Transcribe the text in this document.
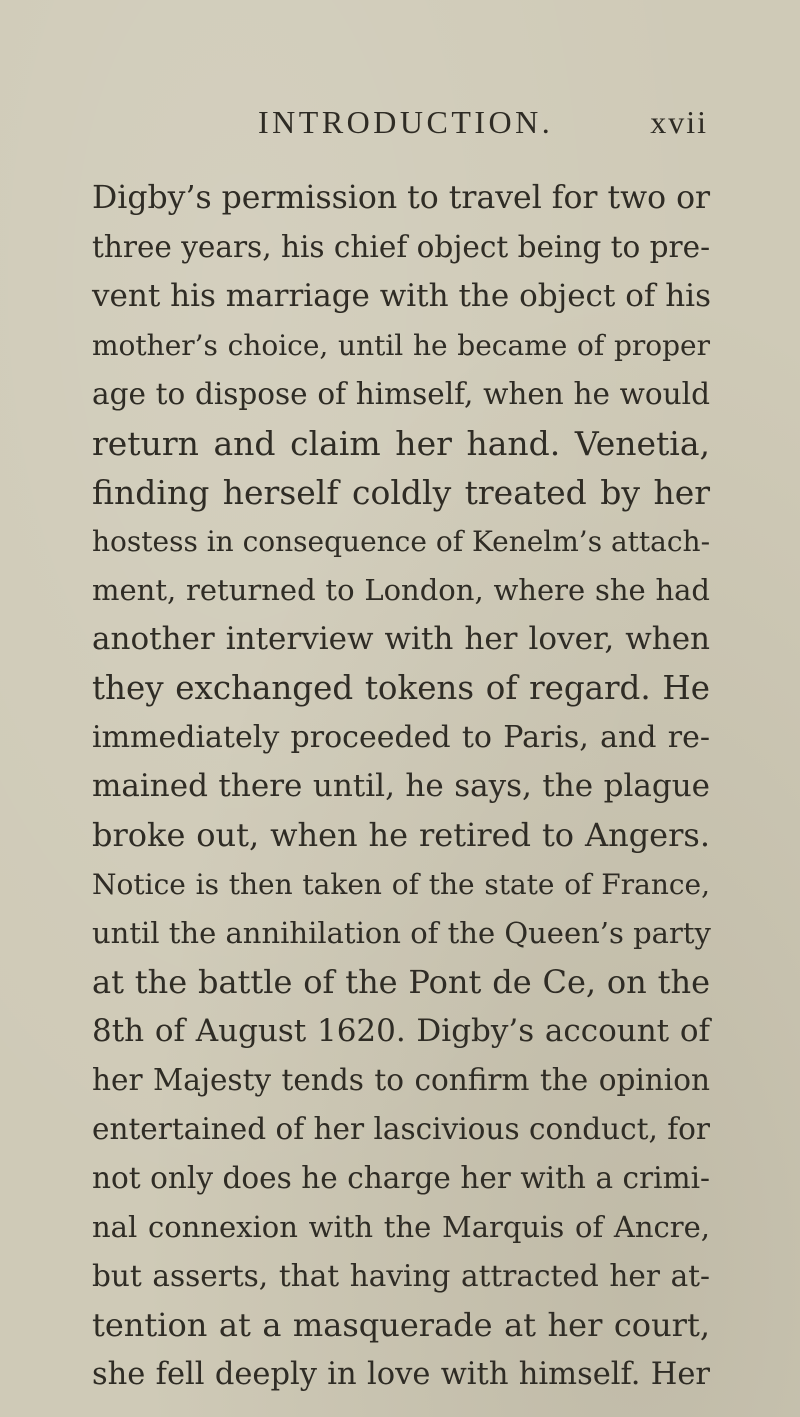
INTRODUCTION.	xvii
Digby’s permission to travel for two or
three years, his chief object being to pre-
vent his marriage with the object of his
mother’s choice, until he became of proper
age to dispose of himself, when he would
return and claim her hand. Venetia,
finding herself coldly treated by her
hostess in consequence of Kenelm’s attach-
ment, returned to London, where she had
another interview with her lover, when
they exchanged tokens of regard. He
immediately proceeded to Paris, and re-
mained there until, he says, the plague
broke out, when he retired to Angers.
Notice is then taken of the state of France,
until the annihilation of the Queen’s party
at the battle of the Pont de Ce, on the
8th of August 1620. Digby’s account of
her Majesty tends to confirm the opinion
entertained of her lascivious conduct, for
not only does he charge her with a crimi-
nal connexion with the Marquis of Ancre,
but asserts, that having attracted her at-
tention at a masquerade at her court,
she fell deeply in love with himself. Her
